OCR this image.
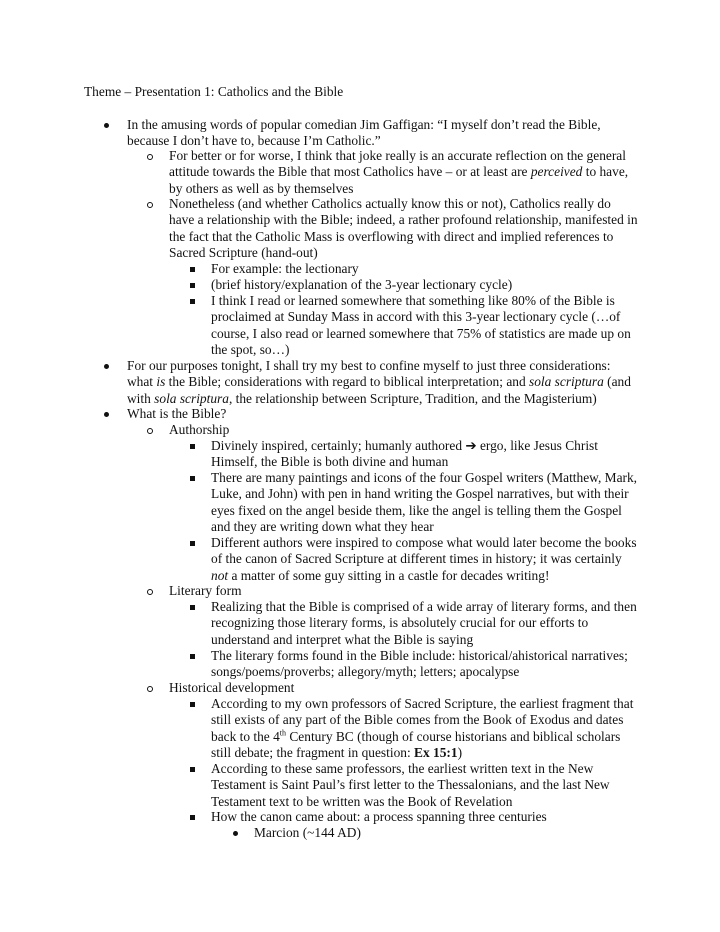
Theme – Presentation 1: Catholics and the Bible
In the amusing words of popular comedian Jim Gaffigan: “I myself don’t read the Bible, because I don’t have to, because I’m Catholic.”
For better or for worse, I think that joke really is an accurate reflection on the general attitude towards the Bible that most Catholics have – or at least are perceived to have, by others as well as by themselves
Nonetheless (and whether Catholics actually know this or not), Catholics really do have a relationship with the Bible; indeed, a rather profound relationship, manifested in the fact that the Catholic Mass is overflowing with direct and implied references to Sacred Scripture (hand-out)
For example: the lectionary
(brief history/explanation of the 3-year lectionary cycle)
I think I read or learned somewhere that something like 80% of the Bible is proclaimed at Sunday Mass in accord with this 3-year lectionary cycle (…of course, I also read or learned somewhere that 75% of statistics are made up on the spot, so…)
For our purposes tonight, I shall try my best to confine myself to just three considerations: what is the Bible; considerations with regard to biblical interpretation; and sola scriptura (and with sola scriptura, the relationship between Scripture, Tradition, and the Magisterium)
What is the Bible?
Authorship
Divinely inspired, certainly; humanly authored ➔ ergo, like Jesus Christ Himself, the Bible is both divine and human
There are many paintings and icons of the four Gospel writers (Matthew, Mark, Luke, and John) with pen in hand writing the Gospel narratives, but with their eyes fixed on the angel beside them, like the angel is telling them the Gospel and they are writing down what they hear
Different authors were inspired to compose what would later become the books of the canon of Sacred Scripture at different times in history; it was certainly not a matter of some guy sitting in a castle for decades writing!
Literary form
Realizing that the Bible is comprised of a wide array of literary forms, and then recognizing those literary forms, is absolutely crucial for our efforts to understand and interpret what the Bible is saying
The literary forms found in the Bible include: historical/ahistorical narratives; songs/poems/proverbs; allegory/myth; letters; apocalypse
Historical development
According to my own professors of Sacred Scripture, the earliest fragment that still exists of any part of the Bible comes from the Book of Exodus and dates back to the 4th Century BC (though of course historians and biblical scholars still debate; the fragment in question: Ex 15:1)
According to these same professors, the earliest written text in the New Testament is Saint Paul’s first letter to the Thessalonians, and the last New Testament text to be written was the Book of Revelation
How the canon came about: a process spanning three centuries
Marcion (~144 AD)
